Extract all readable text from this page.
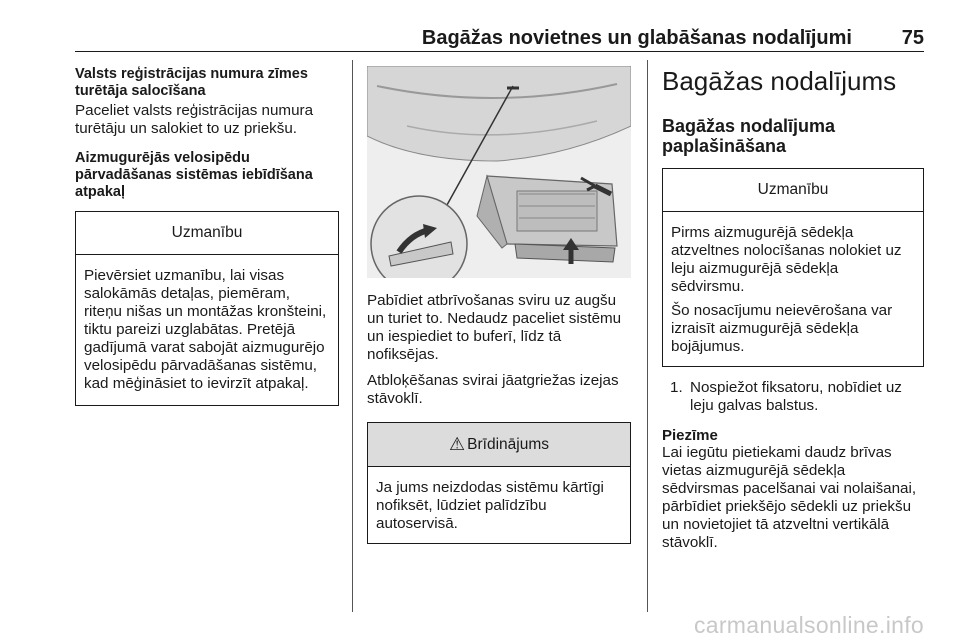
Bagāžas novietnes un glabāšanas nodalījumi 75
Valsts reģistrācijas numura zīmes turētāja salocīšana
Paceliet valsts reģistrācijas numura turētāju un salokiet to uz priekšu.
Aizmugurējās velosipēdu pārvadāšanas sistēmas iebīdīšana atpakaļ
Uzmanību
Pievērsiet uzmanību, lai visas salokāmās detaļas, piemēram, riteņu nišas un montāžas kronšteini, tiktu pareizi uzglabātas. Pretējā gadījumā varat sabojāt aizmugurējo velosipēdu pārvadāšanas sistēmu, kad mēģināsiet to ievirzīt atpakaļ.
Pabīdiet atbrīvošanas sviru uz augšu un turiet to. Nedaudz paceliet sistēmu un iespiediet to buferī, līdz tā nofiksējas.
Atbloķēšanas svirai jāatgriežas izejas stāvoklī.
⚠ Brīdinājums
Ja jums neizdodas sistēmu kārtīgi nofiksēt, lūdziet palīdzību autoservisā.
Bagāžas nodalījums
Bagāžas nodalījuma paplašināšana
Uzmanību
Pirms aizmugurējā sēdekļa atzveltnes nolocīšanas nolokiet uz leju aizmugurējā sēdekļa sēdvirsmu.
Šo nosacījumu neievērošana var izraisīt aizmugurējā sēdekļa bojājumus.
1. Nospiežot fiksatoru, nobīdiet uz leju galvas balstus.
Piezīme
Lai iegūtu pietiekami daudz brīvas vietas aizmugurējā sēdekļa sēdvirsmas pacelšanai vai nolaišanai, pārbīdiet priekšējo sēdekli uz priekšu un novietojiet tā atzveltni vertikālā stāvoklī.
carmanualsonline.info
